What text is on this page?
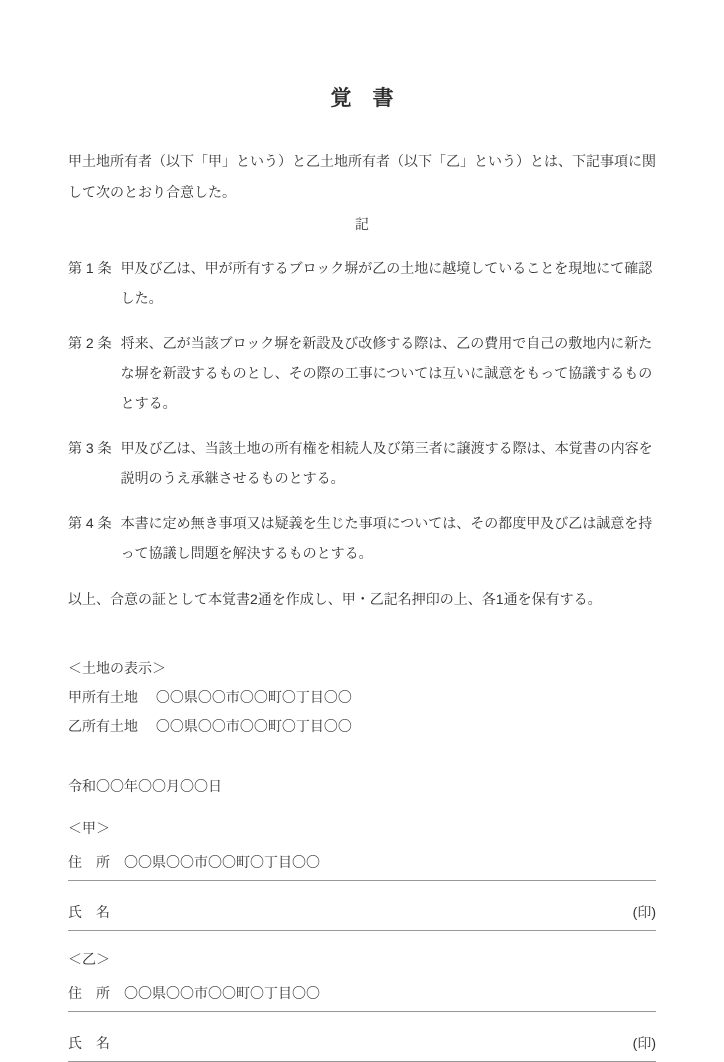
覚　書

甲土地所有者（以下「甲」という）と乙土地所有者（以下「乙」という）とは、下記事項に関して次のとおり合意した。

記
第 1 条 甲及び乙は、甲が所有するブロック塀が乙の土地に越境していることを現地にて確認した。
第 2 条 将来、乙が当該ブロック塀を新設及び改修する際は、乙の費用で自己の敷地内に新たな塀を新設するものとし、その際の工事については互いに誠意をもって協議するものとする。
第 3 条 甲及び乙は、当該土地の所有権を相続人及び第三者に譲渡する際は、本覚書の内容を説明のうえ承継させるものとする。
第 4 条 本書に定め無き事項又は疑義を生じた事項については、その都度甲及び乙は誠意を持って協議し問題を解決するものとする。

以上、合意の証として本覚書2通を作成し、甲・乙記名押印の上、各1通を保有する。

＜土地の表示＞
甲所有土地 〇〇県〇〇市〇〇町〇丁目〇〇
乙所有土地 〇〇県〇〇市〇〇町〇丁目〇〇

令和〇〇年〇〇月〇〇日

＜甲＞
住　所 〇〇県〇〇市〇〇町〇丁目〇〇
氏　名	(印)
＜乙＞
住　所 〇〇県〇〇市〇〇町〇丁目〇〇
氏　名	(印)
